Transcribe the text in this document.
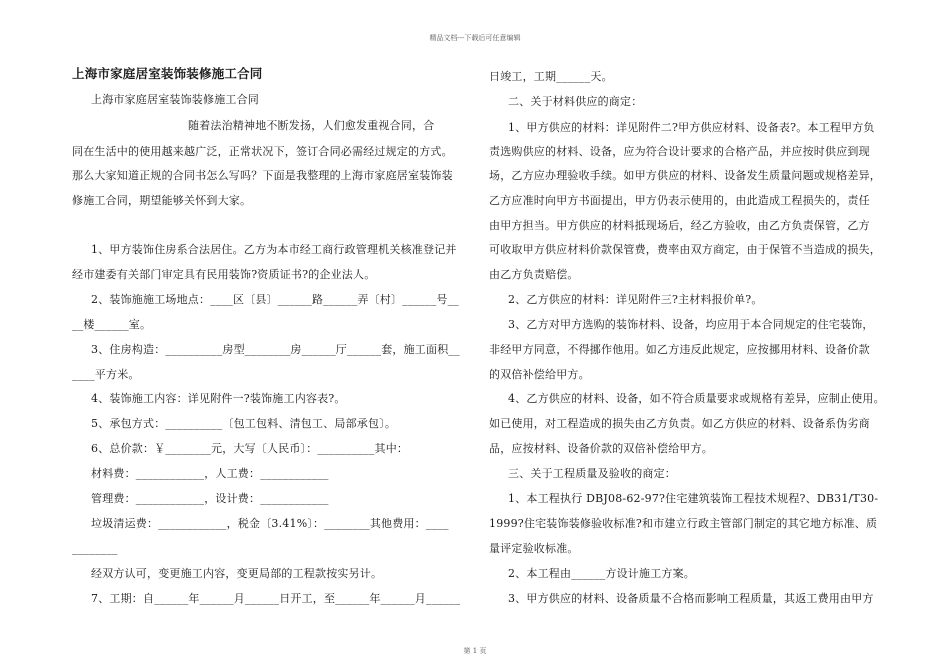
精品文档---下载后可任意编辑
上海市家庭居室装饰装修施工合同
上海市家庭居室装饰装修施工合同
随着法治精神地不断发扬，人们愈发重视合同，合
同在生活中的使用越来越广泛，正常状况下，签订合同必需经过规定的方式。
那么大家知道正规的合同书怎么写吗？下面是我整理的上海市家庭居室装饰装
修施工合同，期望能够关怀到大家。
1、甲方装饰住房系合法居住。乙方为本市经工商行政管理机关核准登记并
经市建委有关部门审定具有民用装饰?资质证书?的企业法人。
2、装饰施施工场地点：____区〔县〕______路______弄〔村〕______号__
__楼______室。
3、住房构造：__________房型________房______厅______套，施工面积__
____平方米。
4、装饰施工内容：详见附件一?装饰施工内容表?。
5、承包方式：__________〔包工包料、清包工、局部承包〕。
6、总价款：￥________元，大写〔人民币〕：__________其中：
材料费：____________，人工费：____________
管理费：____________，设计费：____________
垃圾清运费：____________，税金〔3.41%〕：________其他费用：____
________
经双方认可，变更施工内容，变更局部的工程款按实另计。
7、工期：自______年______月______日开工，至______年______月______
日竣工，工期______天。
二、关于材料供应的商定：
1、甲方供应的材料：详见附件二?甲方供应材料、设备表?。本工程甲方负
责选购供应的材料、设备，应为符合设计要求的合格产品，并应按时供应到现
场，乙方应办理验收手续。如甲方供应的材料、设备发生质量问题或规格差异，
乙方应准时向甲方书面提出，甲方仍表示使用的，由此造成工程损失的，责任
由甲方担当。甲方供应的材料抵现场后，经乙方验收，由乙方负责保管，乙方
可收取甲方供应材料价款保管费，费率由双方商定，由于保管不当造成的损失，
由乙方负责赔偿。
2、乙方供应的材料：详见附件三?主材料报价单?。
3、乙方对甲方选购的装饰材料、设备，均应用于本合同规定的住宅装饰，
非经甲方同意，不得挪作他用。如乙方违反此规定，应按挪用材料、设备价款
的双倍补偿给甲方。
4、乙方供应的材料、设备，如不符合质量要求或规格有差异，应制止使用。
如已使用，对工程造成的损失由乙方负责。如乙方供应的材料、设备系伪劣商
品，应按材料、设备价款的双倍补偿给甲方。
三、关于工程质量及验收的商定：
1、本工程执行 DBJ08-62-97?住宅建筑装饰工程技术规程?、DB31/T30-
1999?住宅装饰装修验收标准?和市建立行政主管部门制定的其它地方标准、质
量评定验收标准。
2、本工程由______方设计施工方案。
3、甲方供应的材料、设备质量不合格而影响工程质量，其返工费用由甲方
第 1 页
